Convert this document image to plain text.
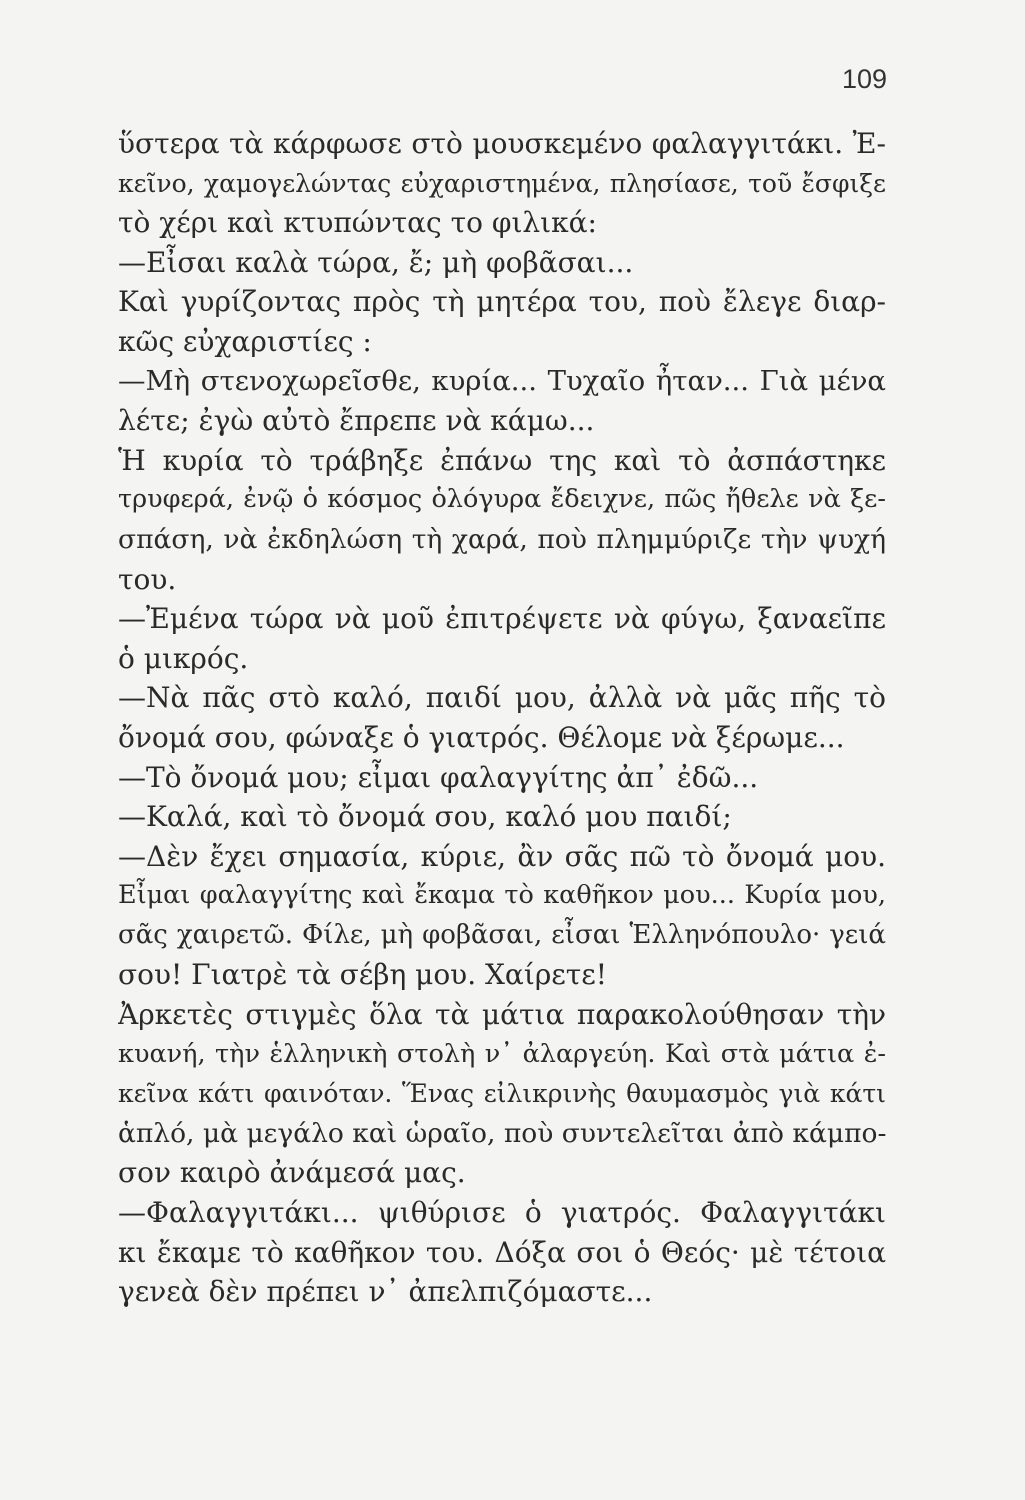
109
ὕστερα τὰ κάρφωσε στὸ μουσκεμένο φαλαγγιτάκι. Ἐ-
κεῖνο, χαμογελώντας εὐχαριστημένα, πλησίασε, τοῦ ἔσφιξε
τὸ χέρι καὶ κτυπώντας το φιλικά:
—Εἶσαι καλὰ τώρα, ἔ; μὴ φοβᾶσαι...
Καὶ γυρίζοντας πρὸς τὴ μητέρα του, ποὺ ἔλεγε διαρ-
κῶς εὐχαριστίες :
—Μὴ στενοχωρεῖσθε, κυρία... Τυχαῖο ἦταν... Γιὰ μένα
λέτε; ἐγὼ αὐτὸ ἔπρεπε νὰ κάμω...
Ἡ κυρία τὸ τράβηξε ἐπάνω της καὶ τὸ ἀσπάστηκε
τρυφερά, ἐνῷ ὁ κόσμος ὁλόγυρα ἔδειχνε, πῶς ἤθελε νὰ ξε-
σπάση, νὰ ἐκδηλώση τὴ χαρά, ποὺ πλημμύριζε τὴν ψυχή
του.
—Ἐμένα τώρα νὰ μοῦ ἐπιτρέψετε νὰ φύγω, ξαναεῖπε
ὁ μικρός.
—Νὰ πᾶς στὸ καλό, παιδί μου, ἀλλὰ νὰ μᾶς πῆς τὸ
ὄνομά σου, φώναξε ὁ γιατρός. Θέλομε νὰ ξέρωμε...
—Τὸ ὄνομά μου; εἶμαι φαλαγγίτης ἀπ᾽ ἐδῶ...
—Καλά, καὶ τὸ ὄνομά σου, καλό μου παιδί;
—Δὲν ἔχει σημασία, κύριε, ἂν σᾶς πῶ τὸ ὄνομά μου.
Εἶμαι φαλαγγίτης καὶ ἔκαμα τὸ καθῆκον μου... Κυρία μου,
σᾶς χαιρετῶ. Φίλε, μὴ φοβᾶσαι, εἶσαι Ἑλληνόπουλο· γειά
σου! Γιατρὲ τὰ σέβη μου. Χαίρετε!
Ἀρκετὲς στιγμὲς ὅλα τὰ μάτια παρακολούθησαν τὴν
κυανή, τὴν ἑλληνικὴ στολὴ ν᾽ ἀλαργεύη. Καὶ στὰ μάτια ἐ-
κεῖνα κάτι φαινόταν. Ἕνας εἰλικρινὴς θαυμασμὸς γιὰ κάτι
ἁπλό, μὰ μεγάλο καὶ ὡραῖο, ποὺ συντελεῖται ἀπὸ κάμπο-
σον καιρὸ ἀνάμεσά μας.
—Φαλαγγιτάκι... ψιθύρισε ὁ γιατρός. Φαλαγγιτάκι
κι ἔκαμε τὸ καθῆκον του. Δόξα σοι ὁ Θεός· μὲ τέτοια
γενεὰ δὲν πρέπει ν᾽ ἀπελπιζόμαστε...
